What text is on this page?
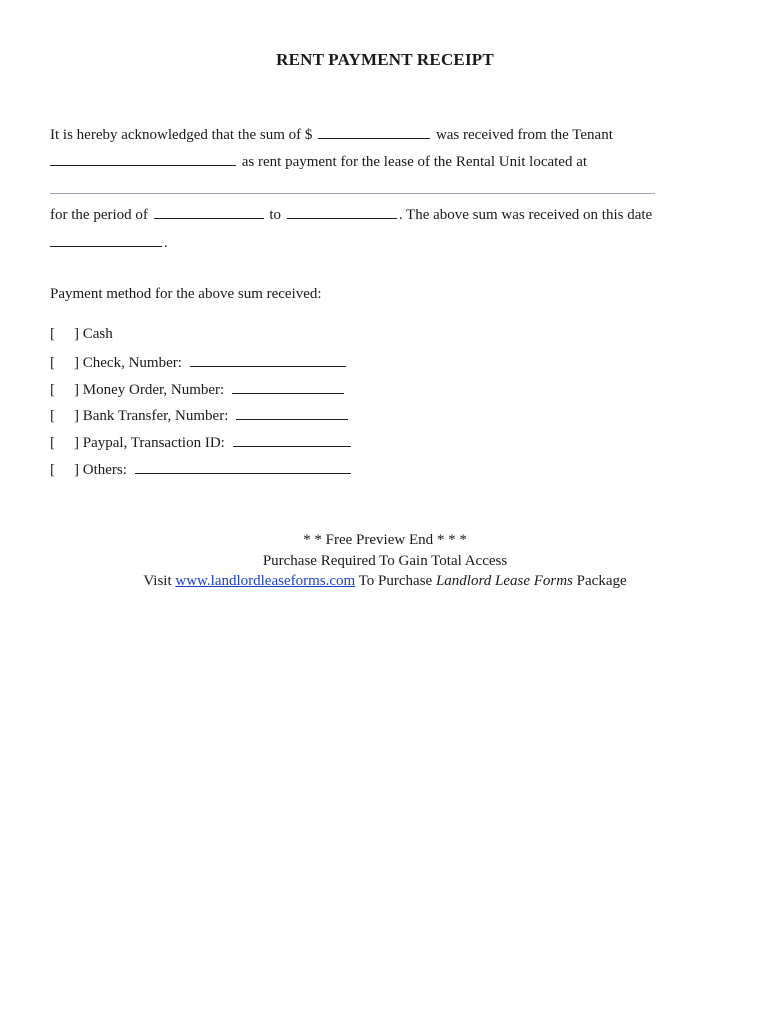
RENT PAYMENT RECEIPT
It is hereby acknowledged that the sum of $	was received from the Tenant
as rent payment for the lease of the Rental Unit located at
for the period of	to	. The above sum was received on this date
.
Payment method for the above sum received:
[ ] Cash
[ ] Check, Number:
[ ] Money Order, Number:
[ ] Bank Transfer, Number:
[ ] Paypal, Transaction ID:
[ ] Others:
* * Free Preview End * * *
Purchase Required To Gain Total Access
Visit www.landlordleaseforms.com To Purchase Landlord Lease Forms Package
